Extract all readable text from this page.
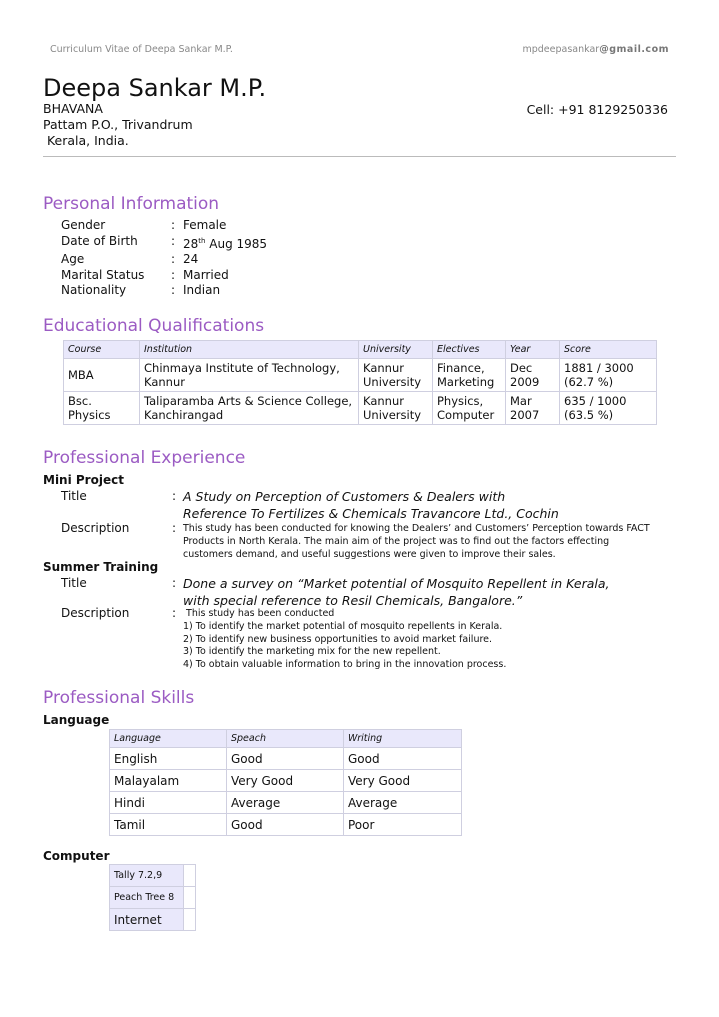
Curriculum Vitae of Deepa Sankar M.P.	mpdeepasankar@gmail.com
Deepa Sankar M.P.
BHAVANA
Pattam P.O., Trivandrum
Kerala, India.
Cell: +91 8129250336
Personal Information
Gender	: Female
Date of Birth	: 28th Aug 1985
Age	: 24
Marital Status	: Married
Nationality	: Indian
Educational Qualifications
Course	Institution	University	Electives	Year	Score
MBA	Chinmaya Institute of Technology, Kannur	Kannur University	Finance, Marketing	Dec 2009	1881 / 3000 (62.7 %)
Bsc. Physics	Taliparamba Arts & Science College, Kanchirangad	Kannur University	Physics, Computer	Mar 2007	635 / 1000 (63.5 %)
Professional Experience
Mini Project
Title	: A Study on Perception of Customers & Dealers with
Reference To Fertilizes & Chemicals Travancore Ltd., Cochin
Description	: This study has been conducted for knowing the Dealers’ and Customers’ Perception towards FACT
Products in North Kerala. The main aim of the project was to find out the factors effecting
customers demand, and useful suggestions were given to improve their sales.
Summer Training
Title	: Done a survey on “Market potential of Mosquito Repellent in Kerala,
with special reference to Resil Chemicals, Bangalore.”
Description	: This study has been conducted
1) To identify the market potential of mosquito repellents in Kerala.
2) To identify new business opportunities to avoid market failure.
3) To identify the marketing mix for the new repellent.
4) To obtain valuable information to bring in the innovation process.
Professional Skills
Language
Language	Speach	Writing
English	Good	Good
Malayalam	Very Good	Very Good
Hindi	Average	Average
Tamil	Good	Poor
Computer
Tally 7.2,9	
Peach Tree 8	
Internet	
